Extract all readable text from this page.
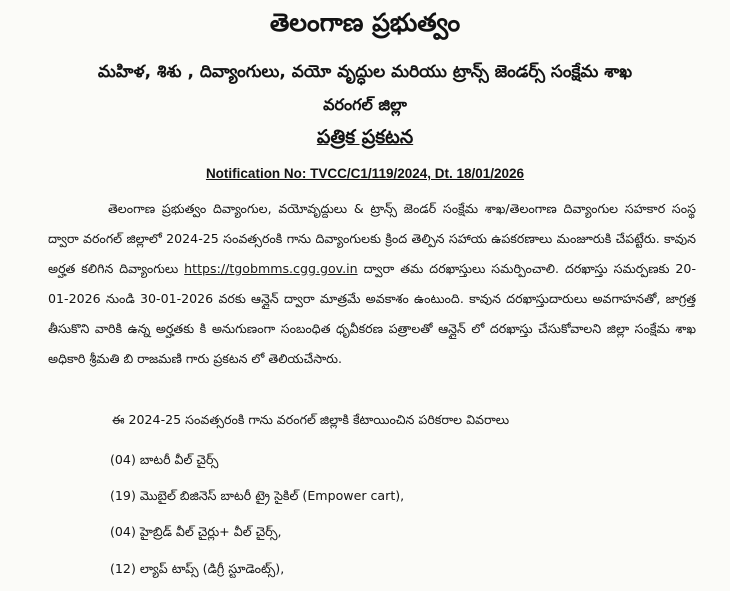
తెలంగాణ ప్రభుత్వం
మహిళ, శిశు , దివ్యాంగులు, వయో వృద్ధుల మరియు ట్రాన్స్ జెండర్స్ సంక్షేమ శాఖ
వరంగల్ జిల్లా
పత్రిక ప్రకటన
Notification No: TVCC/C1/119/2024, Dt. 18/01/2026
తెలంగాణ ప్రభుత్వం దివ్యాంగుల, వయోవృద్దులు & ట్రాన్స్ జెండర్ సంక్షేమ శాఖ/తెలంగాణ దివ్యాంగుల సహకార సంస్థ ద్వారా వరంగల్ జిల్లాలో 2024-25 సంవత్సరంకి గాను దివ్యాంగులకు క్రింద తెల్పిన సహాయ ఉపకరణాలు మంజూరుకి చేపట్టేరు. కావున అర్హత కలిగిన దివ్యాంగులు https://tgobmms.cgg.gov.in ద్వారా తమ దరఖాస్తులు సమర్పించాలి. దరఖాస్తు సమర్పణకు 20-01-2026 నుండి 30-01-2026 వరకు ఆన్లైన్ ద్వారా మాత్రమే అవకాశం ఉంటుంది. కావున దరఖాస్తుదారులు అవగాహనతో, జాగ్రత్త తీసుకొని వారికి ఉన్న అర్హతకు కి అనుగుణంగా సంబంధిత ధృవీకరణ పత్రాలతో ఆన్లైన్ లో దరఖాస్తు చేసుకోవాలని జిల్లా సంక్షేమ శాఖ అధికారి శ్రీమతి బి రాజమణి గారు ప్రకటన లో తెలియచేసారు.
ఈ 2024-25 సంవత్సరంకి గాను వరంగల్ జిల్లాకి కేటాయించిన పరికరాల వివరాలు
(04) బాటరీ వీల్ చైర్స్
(19) మొబైల్ బిజినెస్ బాటరీ ట్రై సైకిల్ (Empower cart),
(04) హైబ్రిడ్ వీల్ చైర్లు+ వీల్ చైర్స్,
(12) ల్యాప్ టాప్స్ (డిగ్రీ స్టూడెంట్స్),
